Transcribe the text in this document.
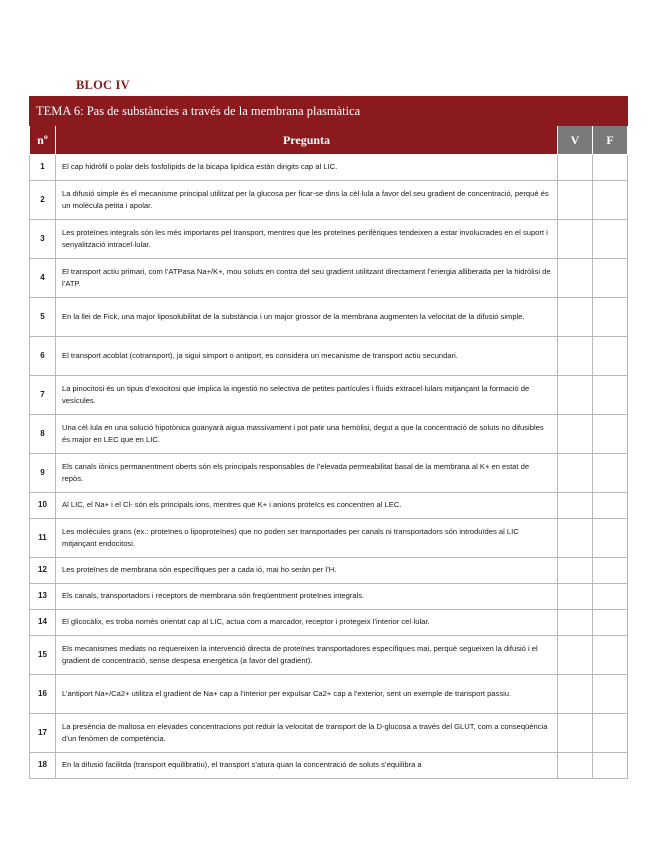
BLOC IV
TEMA 6: Pas de substàncies a través de la membrana plasmàtica			
nº	Pregunta	V	F
1	El cap hidròfil o polar dels fosfolípids de la bicapa lipídica estàn dirigits cap al LIC.		
2	La difusió simple és el mecanisme principal utilitzat per la glucosa per ficar-se dins la cèl·lula a favor del seu gradient de concentració, perquè és un molècula petita i apolar.		
3	Les proteïnes integrals són les més importants pel transport, mentres que les proteïnes perifèriques tendeixen a estar involucrades en el suport i senyalització intracel·lular.		
4	El transport actiu primari, com l’ATPasa Na+/K+, mou soluts en contra del seu gradient utilitzant directament l’energia alliberada per la hidròlisi de l’ATP.		
5	En la llei de Fick, una major liposolubilitat de la substància i un major grossor de la membrana augmenten la velocitat de la difusió simple.		
6	El transport acoblat (cotransport), ja sigui simport o antiport, es considera un mecanisme de transport actiu secundari.		
7	La pinocitosi és un tipus d’exocitosi que implica la ingestió no selectiva de petites partícules i fluids extracel·lulars mitjançant la formació de vesícules.		
8	Una cèl·lula en una solució hipotònica guanyarà aigua massivament i pot patir una hemòlisi, degut a que la concentració de soluts no difusibles és major en LEC que en LIC.		
9	Els canals iònics permanentment oberts són els principals responsables de l’elevada permeabilitat basal de la membrana al K+ en estat de repòs.		
10	Al LIC, el Na+ i el Cl- són els principals ions, mentres que K+ i anions proteïcs es concentren al LEC.		
11	Les molècules grans (ex.: proteïnes o lipoproteïnes) que no poden ser transportades per canals ni transportadors són introduïdes al LIC mitjançant endocitosi.		
12	Les proteïnes de membrana són específiques per a cada ió, mai ho seràn per l’H.		
13	Els canals, transportadors i receptors de membrana són freqüentment proteïnes integrals.		
14	El glicocàlix, es troba només orientat cap al LIC, actua com a marcador, receptor i protegeix l’interior cel·lular.		
15	Els mecanismes mediats no requereixen la intervenció directa de proteïnes transportadores específiques mai, perquè segueixen la difusió i el gradient de concentració, sense despesa energètica (a favor del gradient).		
16	L’antiport Na+/Ca2+ utilitza el gradient de Na+ cap a l’interior per expulsar Ca2+ cap a l’exterior, sent un exemple de transport passiu.		
17	La presència de maltosa en elevades concentracions pot reduir la velocitat de transport de la D-glucosa a través del GLUT, com a conseqüència d’un fenòmen de competència.		
18	En la difusió facilitda (transport equilibratiu), el transport s’atura quan la concentració de soluts s’equilibra a		
